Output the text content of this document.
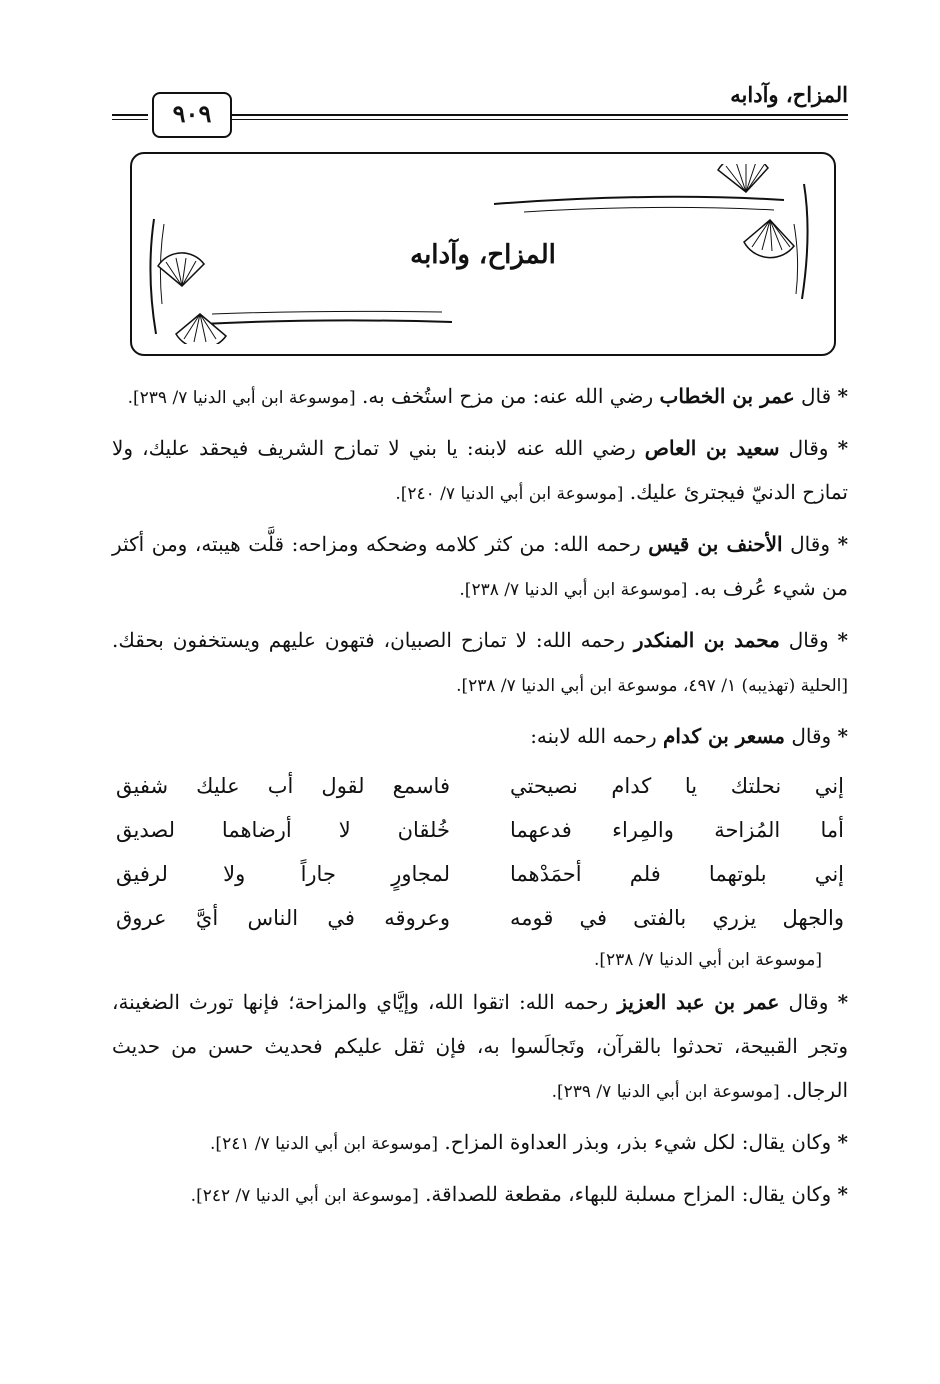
المزاح، وآدابه
٩٠٩
المزاح، وآدابه

* قال عمر بن الخطاب رضي الله عنه: من مزح استُخف به. [موسوعة ابن أبي الدنيا ٧/ ٢٣٩].

* وقال سعيد بن العاص رضي الله عنه لابنه: يا بني لا تمازح الشريف فيحقد عليك، ولا تمازح الدنيّ فيجترئ عليك. [موسوعة ابن أبي الدنيا ٧/ ٢٤٠].

* وقال الأحنف بن قيس رحمه الله: من كثر كلامه وضحكه ومزاحه: قلَّت هيبته، ومن أكثر من شيء عُرف به. [موسوعة ابن أبي الدنيا ٧/ ٢٣٨].

* وقال محمد بن المنكدر رحمه الله: لا تمازح الصبيان، فتهون عليهم ويستخفون بحقك. [الحلية (تهذيبه) ١/ ٤٩٧، موسوعة ابن أبي الدنيا ٧/ ٢٣٨].

* وقال مسعر بن كدام رحمه الله لابنه:

إني نحلتك يا كدام نصيحتي
فاسمع لقول أب عليك شفيق
أما المُزاحة والمِراء فدعهما
خُلقان لا أرضاهما لصديق
إني بلوتهما فلم أحمَدْهما
لمجاورٍ جاراً ولا لرفيق
والجهل يزري بالفتى في قومه
وعروقه في الناس أيَّ عروق
[موسوعة ابن أبي الدنيا ٧/ ٢٣٨].

* وقال عمر بن عبد العزيز رحمه الله: اتقوا الله، وإيَّاي والمزاحة؛ فإنها تورث الضغينة، وتجر القبيحة، تحدثوا بالقرآن، وتَجالَسوا به، فإن ثقل عليكم فحديث حسن من حديث الرجال. [موسوعة ابن أبي الدنيا ٧/ ٢٣٩].

* وكان يقال: لكل شيء بذر، وبذر العداوة المزاح. [موسوعة ابن أبي الدنيا ٧/ ٢٤١].

* وكان يقال: المزاح مسلبة للبهاء، مقطعة للصداقة. [موسوعة ابن أبي الدنيا ٧/ ٢٤٢].
